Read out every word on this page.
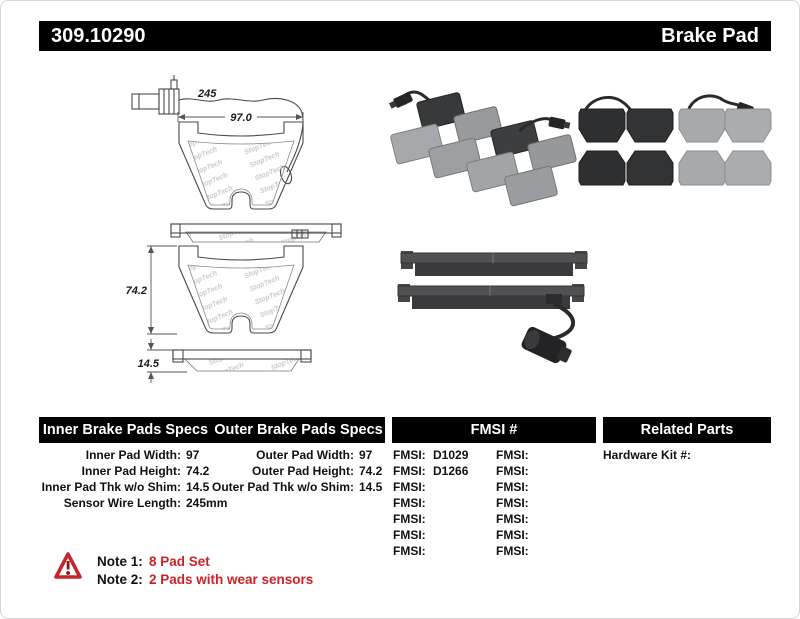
245
97.0
74.2
14.5
309.10290	Brake Pad
Inner Brake Pads Specs Outer Brake Pads Specs	FMSI #	Related Parts
Inner Pad Width: 97
Inner Pad Height: 74.2
Inner Pad Thk w/o Shim: 14.5
Sensor Wire Length: 245mm
Outer Pad Width: 97
Outer Pad Height: 74.2
Outer Pad Thk w/o Shim: 14.5
FMSI: D1029
FMSI: D1266
FMSI:
FMSI:
FMSI:
FMSI:
FMSI:
FMSI:
FMSI:
FMSI:
FMSI:
FMSI:
FMSI:
FMSI:
Hardware Kit #:
Note 1: 8 Pad Set
Note 2: 2 Pads with wear sensors
